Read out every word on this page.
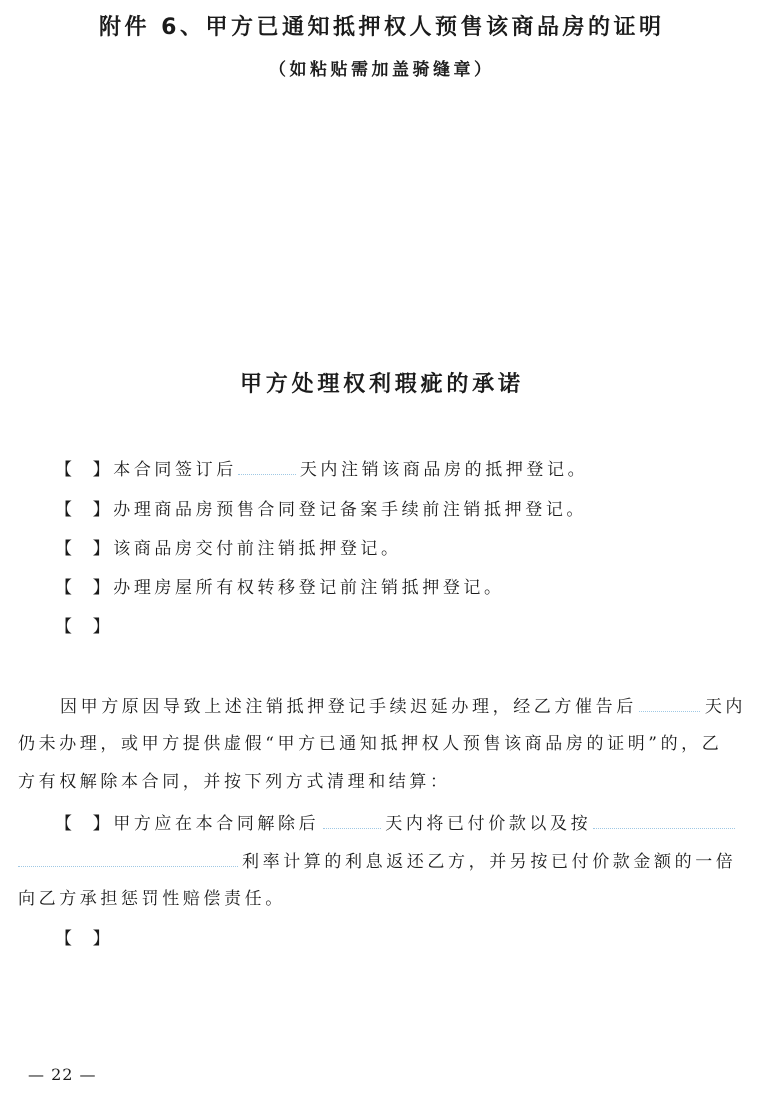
附件 6、甲方已通知抵押权人预售该商品房的证明
（如粘贴需加盖骑缝章）
甲方处理权利瑕疵的承诺
【 】本合同签订后	天内注销该商品房的抵押登记。
【 】办理商品房预售合同登记备案手续前注销抵押登记。
【 】该商品房交付前注销抵押登记。
【 】办理房屋所有权转移登记前注销抵押登记。
【 】
因甲方原因导致上述注销抵押登记手续迟延办理，经乙方催告后	天内
仍未办理，或甲方提供虚假“甲方已通知抵押权人预售该商品房的证明”的，乙
方有权解除本合同，并按下列方式清理和结算：
【 】甲方应在本合同解除后	天内将已付价款以及按
利率计算的利息返还乙方，并另按已付价款金额的一倍
向乙方承担惩罚性赔偿责任。
【 】
— 22 —
